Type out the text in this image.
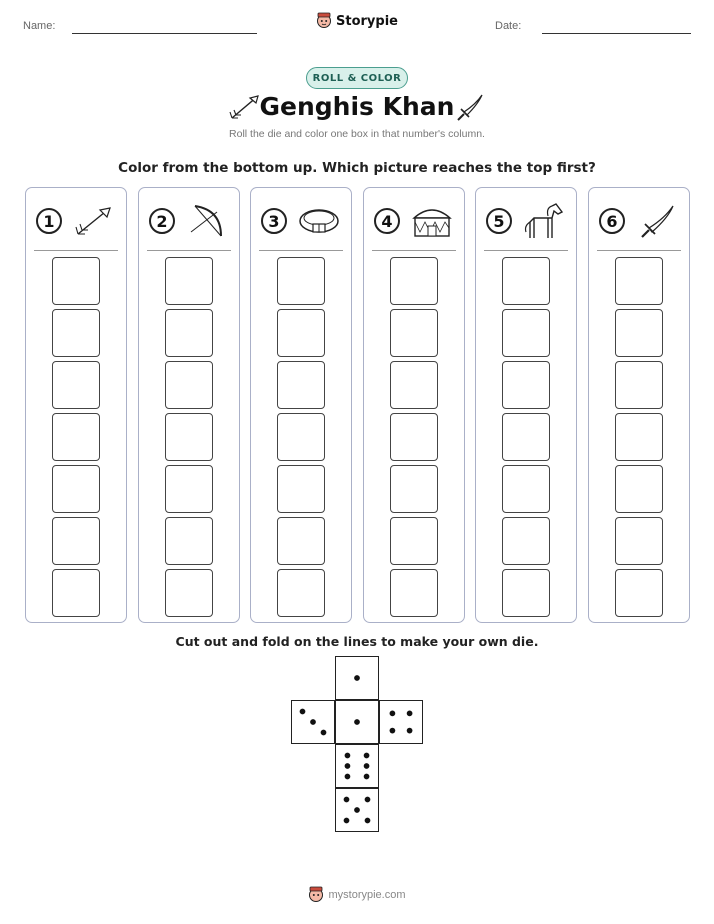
Name:	Storypie	Date:
ROLL & COLOR
Genghis Khan
Roll the die and color one box in that number's column.
Color from the bottom up. Which picture reaches the top first?
1	2	3	4	5	6
Cut out and fold on the lines to make your own die.
mystorypie.com
